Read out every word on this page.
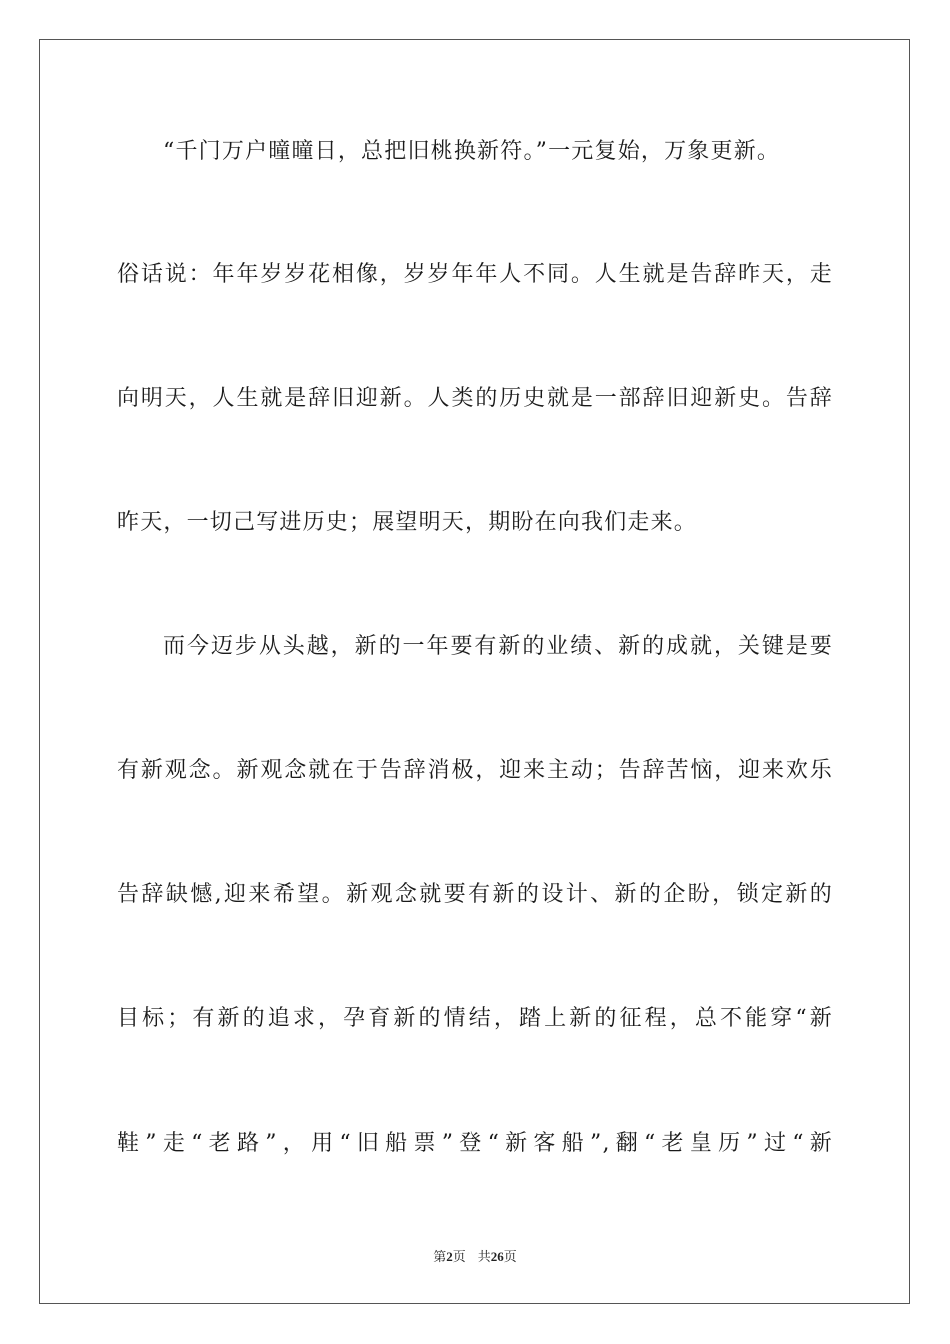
“千门万户曈曈日，总把旧桃换新符。”一元复始，万象更新。
俗话说：年年岁岁花相像，岁岁年年人不同。人生就是告辞昨天，走
向明天，人生就是辞旧迎新。人类的历史就是一部辞旧迎新史。告辞
昨天，一切己写进历史；展望明天，期盼在向我们走来。
而今迈步从头越，新的一年要有新的业绩、新的成就，关键是要
有新观念。新观念就在于告辞消极，迎来主动；告辞苦恼，迎来欢乐
告辞缺憾,迎来希望。新观念就要有新的设计、新的企盼，锁定新的
目标；有新的追求，孕育新的情结，踏上新的征程，总不能穿“新
鞋”走“老路”，用“旧船票”登“新客船”,翻“老皇历”过“新
第2页 共26页
